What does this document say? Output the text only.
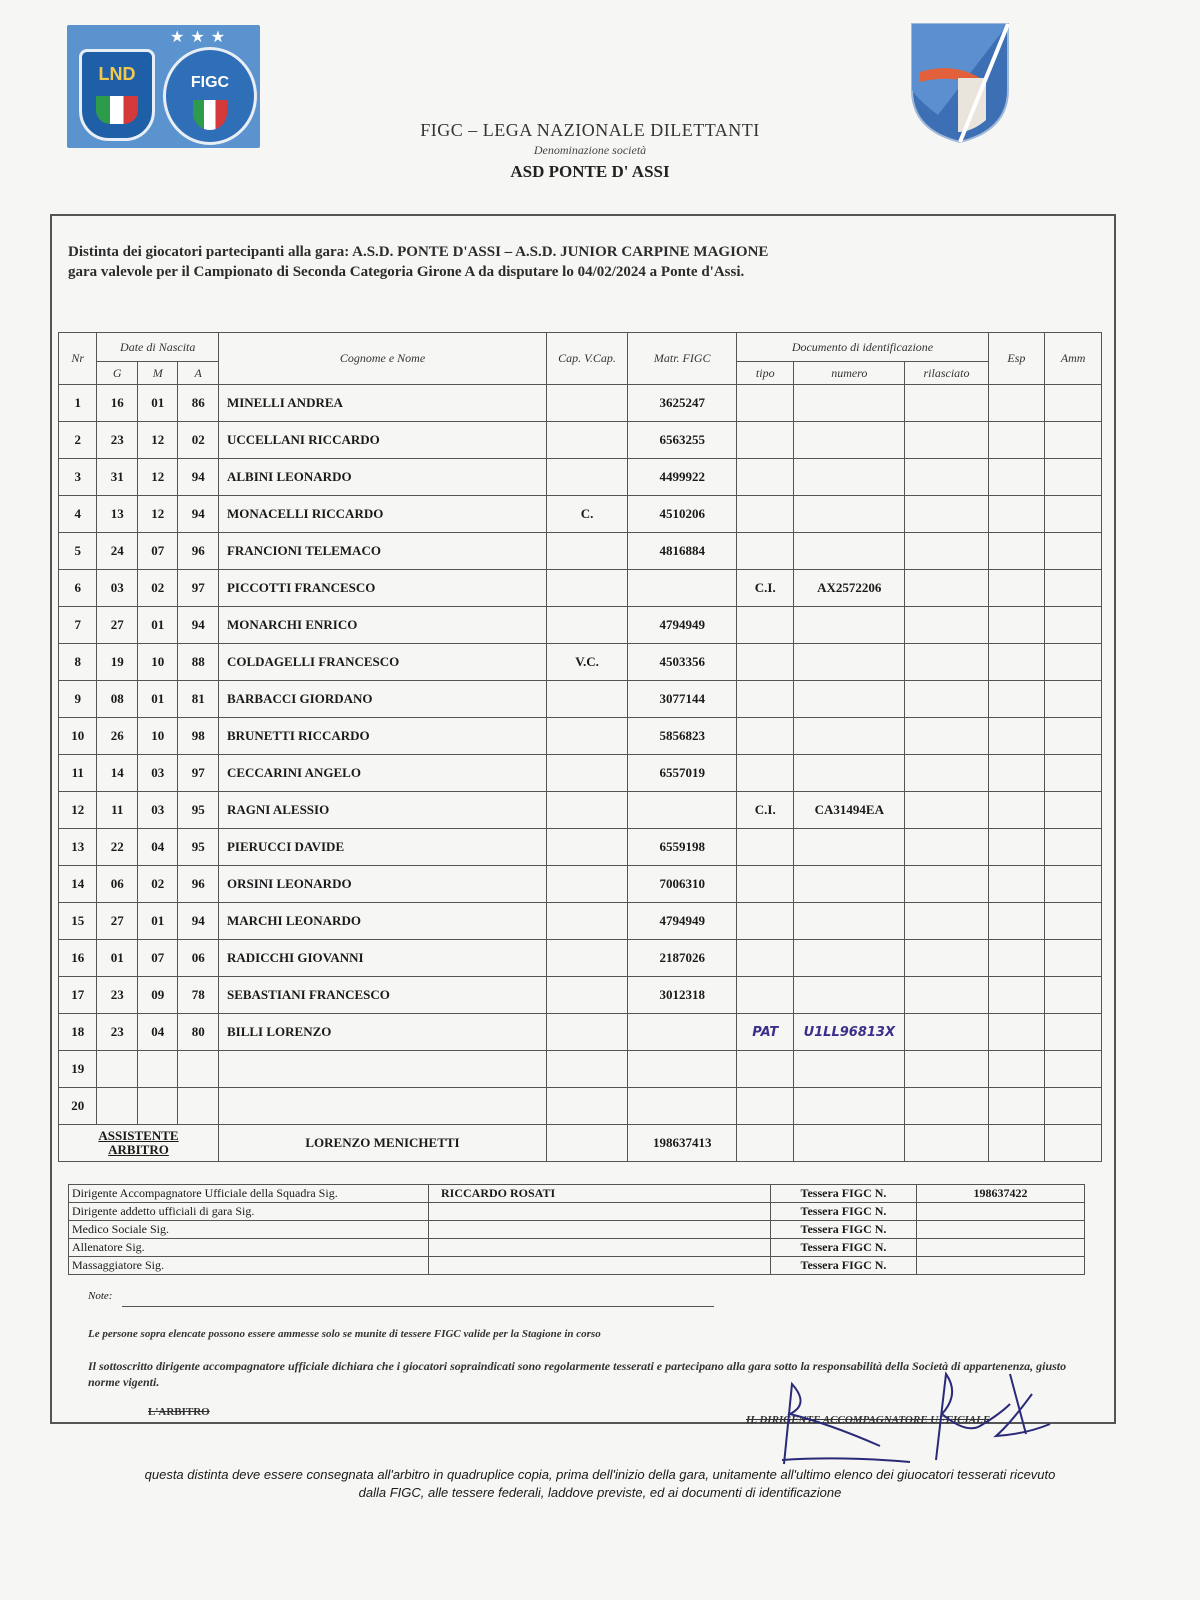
LND
★★★
FIGC
FIGC – LEGA NAZIONALE DILETTANTI
Denominazione società
ASD PONTE D' ASSI
Distinta dei giocatori partecipanti alla gara: A.S.D. PONTE D'ASSI – A.S.D. JUNIOR CARPINE MAGIONE
gara valevole per il Campionato di Seconda Categoria Girone A da disputare lo 04/02/2024 a Ponte d'Assi.
Nr	Date di Nascita			Cognome e Nome	Cap. V.Cap.	Matr. FIGC	Documento di identificazione			Esp	Amm
	G	M	A				tipo	numero	rilasciato		
1	16	01	86	MINELLI ANDREA		3625247					
2	23	12	02	UCCELLANI RICCARDO		6563255					
3	31	12	94	ALBINI LEONARDO		4499922					
4	13	12	94	MONACELLI RICCARDO	C.	4510206					
5	24	07	96	FRANCIONI TELEMACO		4816884					
6	03	02	97	PICCOTTI FRANCESCO			C.I.	AX2572206			
7	27	01	94	MONARCHI ENRICO		4794949					
8	19	10	88	COLDAGELLI FRANCESCO	V.C.	4503356					
9	08	01	81	BARBACCI GIORDANO		3077144					
10	26	10	98	BRUNETTI RICCARDO		5856823					
11	14	03	97	CECCARINI ANGELO		6557019					
12	11	03	95	RAGNI ALESSIO			C.I.	CA31494EA			
13	22	04	95	PIERUCCI DAVIDE		6559198					
14	06	02	96	ORSINI LEONARDO		7006310					
15	27	01	94	MARCHI LEONARDO		4794949					
16	01	07	06	RADICCHI GIOVANNI		2187026					
17	23	09	78	SEBASTIANI FRANCESCO		3012318					
18	23	04	80	BILLI LORENZO			PAT	U1LL96813X			
19											
20											

ASSISTENTE
ARBITRO				LORENZO MENICHETTI		198637413					
Dirigente Accompagnatore Ufficiale della Squadra Sig.	RICCARDO ROSATI	Tessera FIGC N.	198637422
Dirigente addetto ufficiali di gara Sig.		Tessera FIGC N.	
Medico Sociale Sig.		Tessera FIGC N.	
Allenatore Sig.		Tessera FIGC N.	
Massaggiatore Sig.		Tessera FIGC N.	
Note:
Le persone sopra elencate possono essere ammesse solo se munite di tessere FIGC valide per la Stagione in corso
Il sottoscritto dirigente accompagnatore ufficiale dichiara che i giocatori sopraindicati sono regolarmente tesserati e partecipano alla gara sotto la responsabilità della Società di appartenenza, giusto norme vigenti.
L'ARBITRO
IL DIRIGENTE ACCOMPAGNATORE UFFICIALE
questa distinta deve essere consegnata all'arbitro in quadruplice copia, prima dell'inizio della gara, unitamente all'ultimo elenco dei giuocatori tesserati ricevuto
dalla FIGC, alle tessere federali, laddove previste, ed ai documenti di identificazione
